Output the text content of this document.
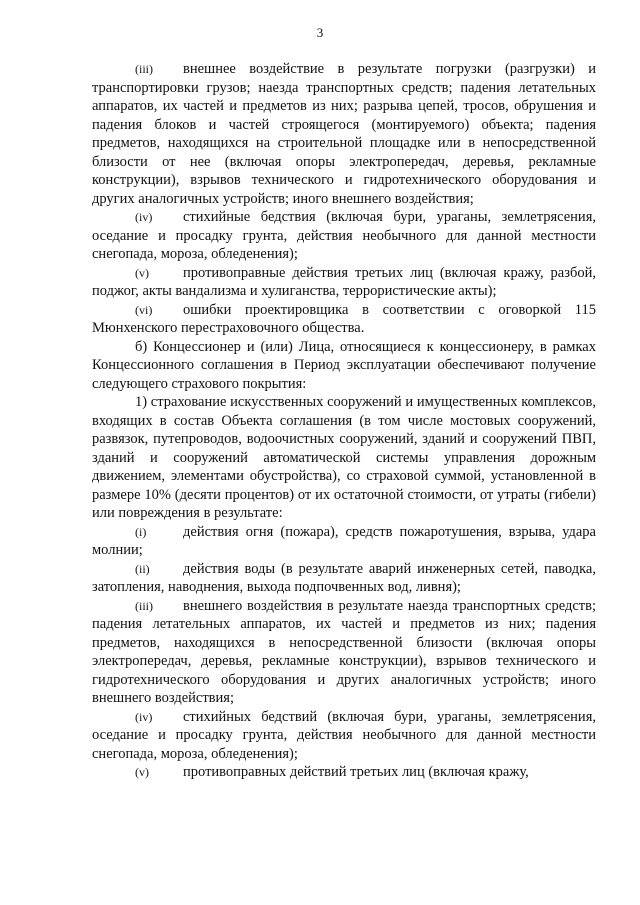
3

(iii) внешнее воздействие в результате погрузки (разгрузки) и транспортировки грузов; наезда транспортных средств; падения летательных аппаратов, их частей и предметов из них; разрыва цепей, тросов, обрушения и падения блоков и частей строящегося (монтируемого) объекта; падения предметов, находящихся на строительной площадке или в непосредственной близости от нее (включая опоры электропередач, деревья, рекламные конструкции), взрывов технического и гидротехнического оборудования и других аналогичных устройств; иного внешнего воздействия;

(iv) стихийные бедствия (включая бури, ураганы, землетрясения, оседание и просадку грунта, действия необычного для данной местности снегопада, мороза, обледенения);

(v) противоправные действия третьих лиц (включая кражу, разбой, поджог, акты вандализма и хулиганства, террористические акты);

(vi) ошибки проектировщика в соответствии с оговоркой 115 Мюнхенского перестраховочного общества.

б) Концессионер и (или) Лица, относящиеся к концессионеру, в рамках Концессионного соглашения в Период эксплуатации обеспечивают получение следующего страхового покрытия:

1) страхование искусственных сооружений и имущественных комплексов, входящих в состав Объекта соглашения (в том числе мостовых сооружений, развязок, путепроводов, водоочистных сооружений, зданий и сооружений ПВП, зданий и сооружений автоматической системы управления дорожным движением, элементами обустройства), со страховой суммой, установленной в размере 10% (десяти процентов) от их остаточной стоимости, от утраты (гибели) или повреждения в результате:

(i)	действия огня (пожара), средств пожаротушения, взрыва, удара молнии;

(ii) действия воды (в результате аварий инженерных сетей, паводка, затопления, наводнения, выхода подпочвенных вод, ливня);

(iii) внешнего воздействия в результате наезда транспортных средств; падения летательных аппаратов, их частей и предметов из них; падения предметов, находящихся в непосредственной близости (включая опоры электропередач, деревья, рекламные конструкции), взрывов технического и гидротехнического оборудования и других аналогичных устройств; иного внешнего воздействия;

(iv) стихийных бедствий (включая бури, ураганы, землетрясения, оседание и просадку грунта, действия необычного для данной местности снегопада, мороза, обледенения);

(v) противоправных действий третьих лиц (включая кражу,
